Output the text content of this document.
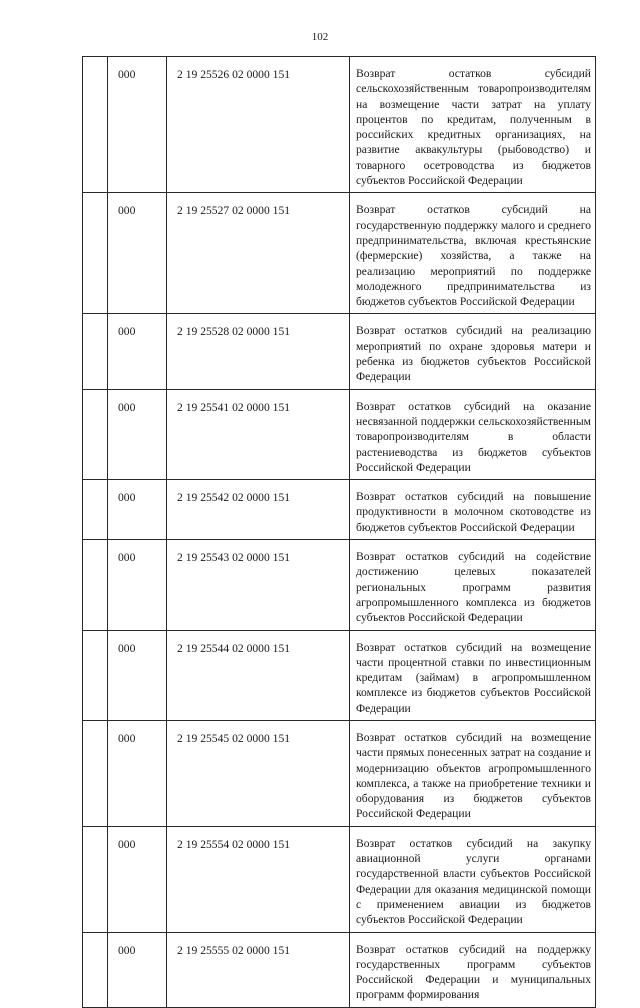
102
	000	2 19 25526 02 0000 151	Возврат остатков субсидий сельскохозяйственным товаропроизводителям на возмещение части затрат на уплату процентов по кредитам, полученным в российских кредитных организациях, на развитие аквакультуры (рыбоводство) и товарного осетроводства из бюджетов субъектов Российской Федерации

	000	2 19 25527 02 0000 151	Возврат остатков субсидий на государственную поддержку малого и среднего предпринимательства, включая крестьянские (фермерские) хозяйства, а также на реализацию мероприятий по поддержке молодежного предпринимательства из бюджетов субъектов Российской Федерации

	000	2 19 25528 02 0000 151	Возврат остатков субсидий на реализацию мероприятий по охране здоровья матери и ребенка из бюджетов субъектов Российской Федерации

	000	2 19 25541 02 0000 151	Возврат остатков субсидий на оказание несвязанной поддержки сельскохозяйственным товаропроизводителям в области растениеводства из бюджетов субъектов Российской Федерации

	000	2 19 25542 02 0000 151	Возврат остатков субсидий на повышение продуктивности в молочном скотоводстве из бюджетов субъектов Российской Федерации

	000	2 19 25543 02 0000 151	Возврат остатков субсидий на содействие достижению целевых показателей региональных программ развития агропромышленного комплекса из бюджетов субъектов Российской Федерации

	000	2 19 25544 02 0000 151	Возврат остатков субсидий на возмещение части процентной ставки по инвестиционным кредитам (займам) в агропромышленном комплексе из бюджетов субъектов Российской Федерации

	000	2 19 25545 02 0000 151	Возврат остатков субсидий на возмещение части прямых понесенных затрат на создание и модернизацию объектов агропромышленного комплекса, а также на приобретение техники и оборудования из бюджетов субъектов Российской Федерации

	000	2 19 25554 02 0000 151	Возврат остатков субсидий на закупку авиационной услуги органами государственной власти субъектов Российской Федерации для оказания медицинской помощи с применением авиации из бюджетов субъектов Российской Федерации

	000	2 19 25555 02 0000 151	Возврат остатков субсидий на поддержку государственных программ субъектов Российской Федерации и муниципальных программ формирования
